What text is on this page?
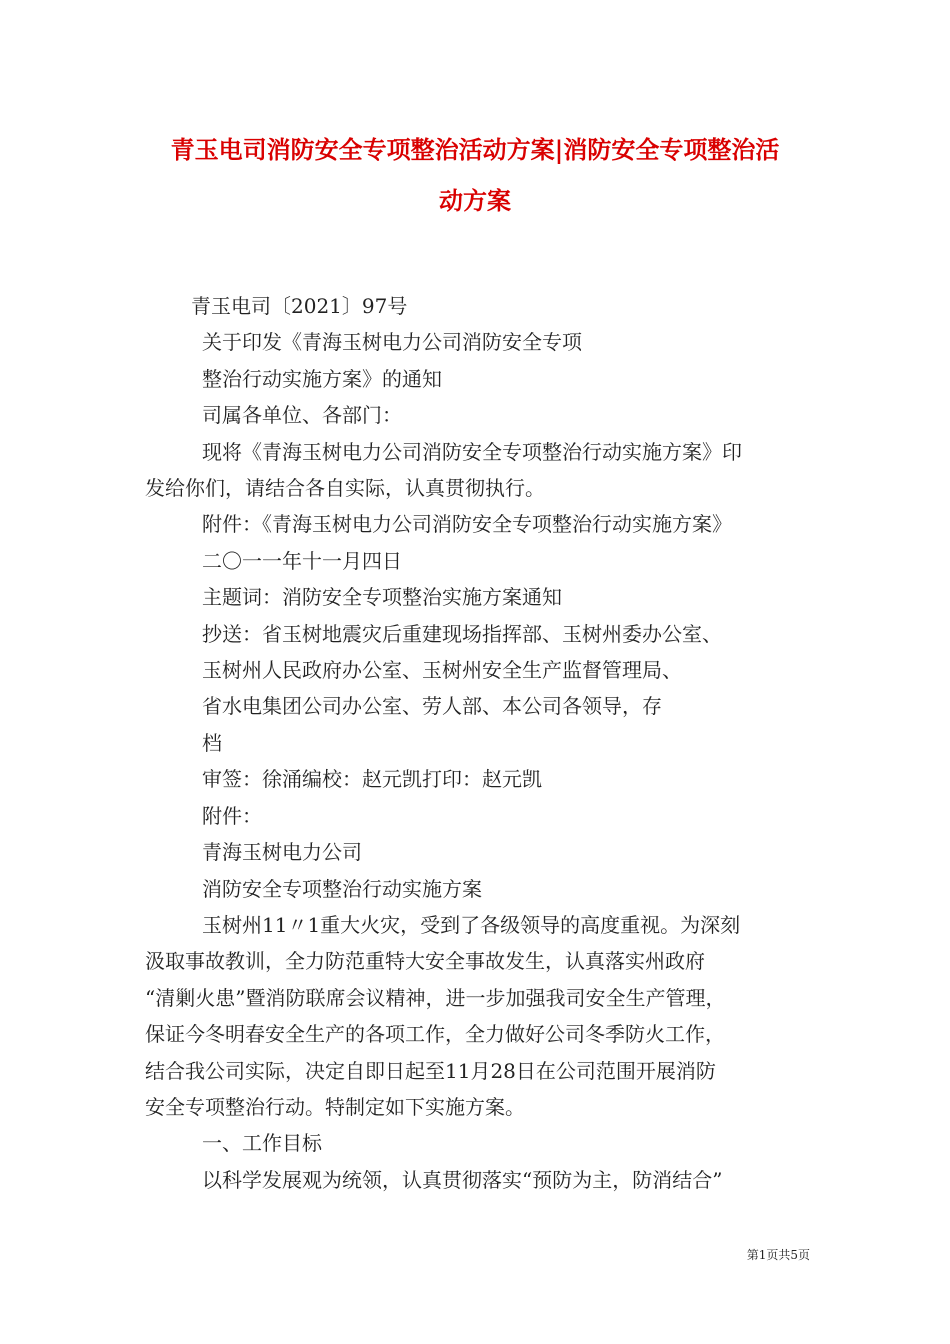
青玉电司消防安全专项整治活动方案|消防安全专项整治活
动方案

青玉电司〔2021〕97号

关于印发《青海玉树电力公司消防安全专项

整治行动实施方案》的通知

司属各单位、各部门：

现将《青海玉树电力公司消防安全专项整治行动实施方案》印

发给你们，请结合各自实际，认真贯彻执行。

附件：《青海玉树电力公司消防安全专项整治行动实施方案》

二〇一一年十一月四日

主题词：消防安全专项整治实施方案通知

抄送：省玉树地震灾后重建现场指挥部、玉树州委办公室、

玉树州人民政府办公室、玉树州安全生产监督管理局、

省水电集团公司办公室、劳人部、本公司各领导，存

档

审签：徐涌编校：赵元凯打印：赵元凯

附件：

青海玉树电力公司

消防安全专项整治行动实施方案

玉树州11〃1重大火灾，受到了各级领导的高度重视。为深刻

汲取事故教训，全力防范重特大安全事故发生，认真落实州政府

“清剿火患”暨消防联席会议精神，进一步加强我司安全生产管理，

保证今冬明春安全生产的各项工作，全力做好公司冬季防火工作，

结合我公司实际，决定自即日起至11月28日在公司范围开展消防

安全专项整治行动。特制定如下实施方案。

一、工作目标

以科学发展观为统领，认真贯彻落实“预防为主，防消结合”

第1页共5页
